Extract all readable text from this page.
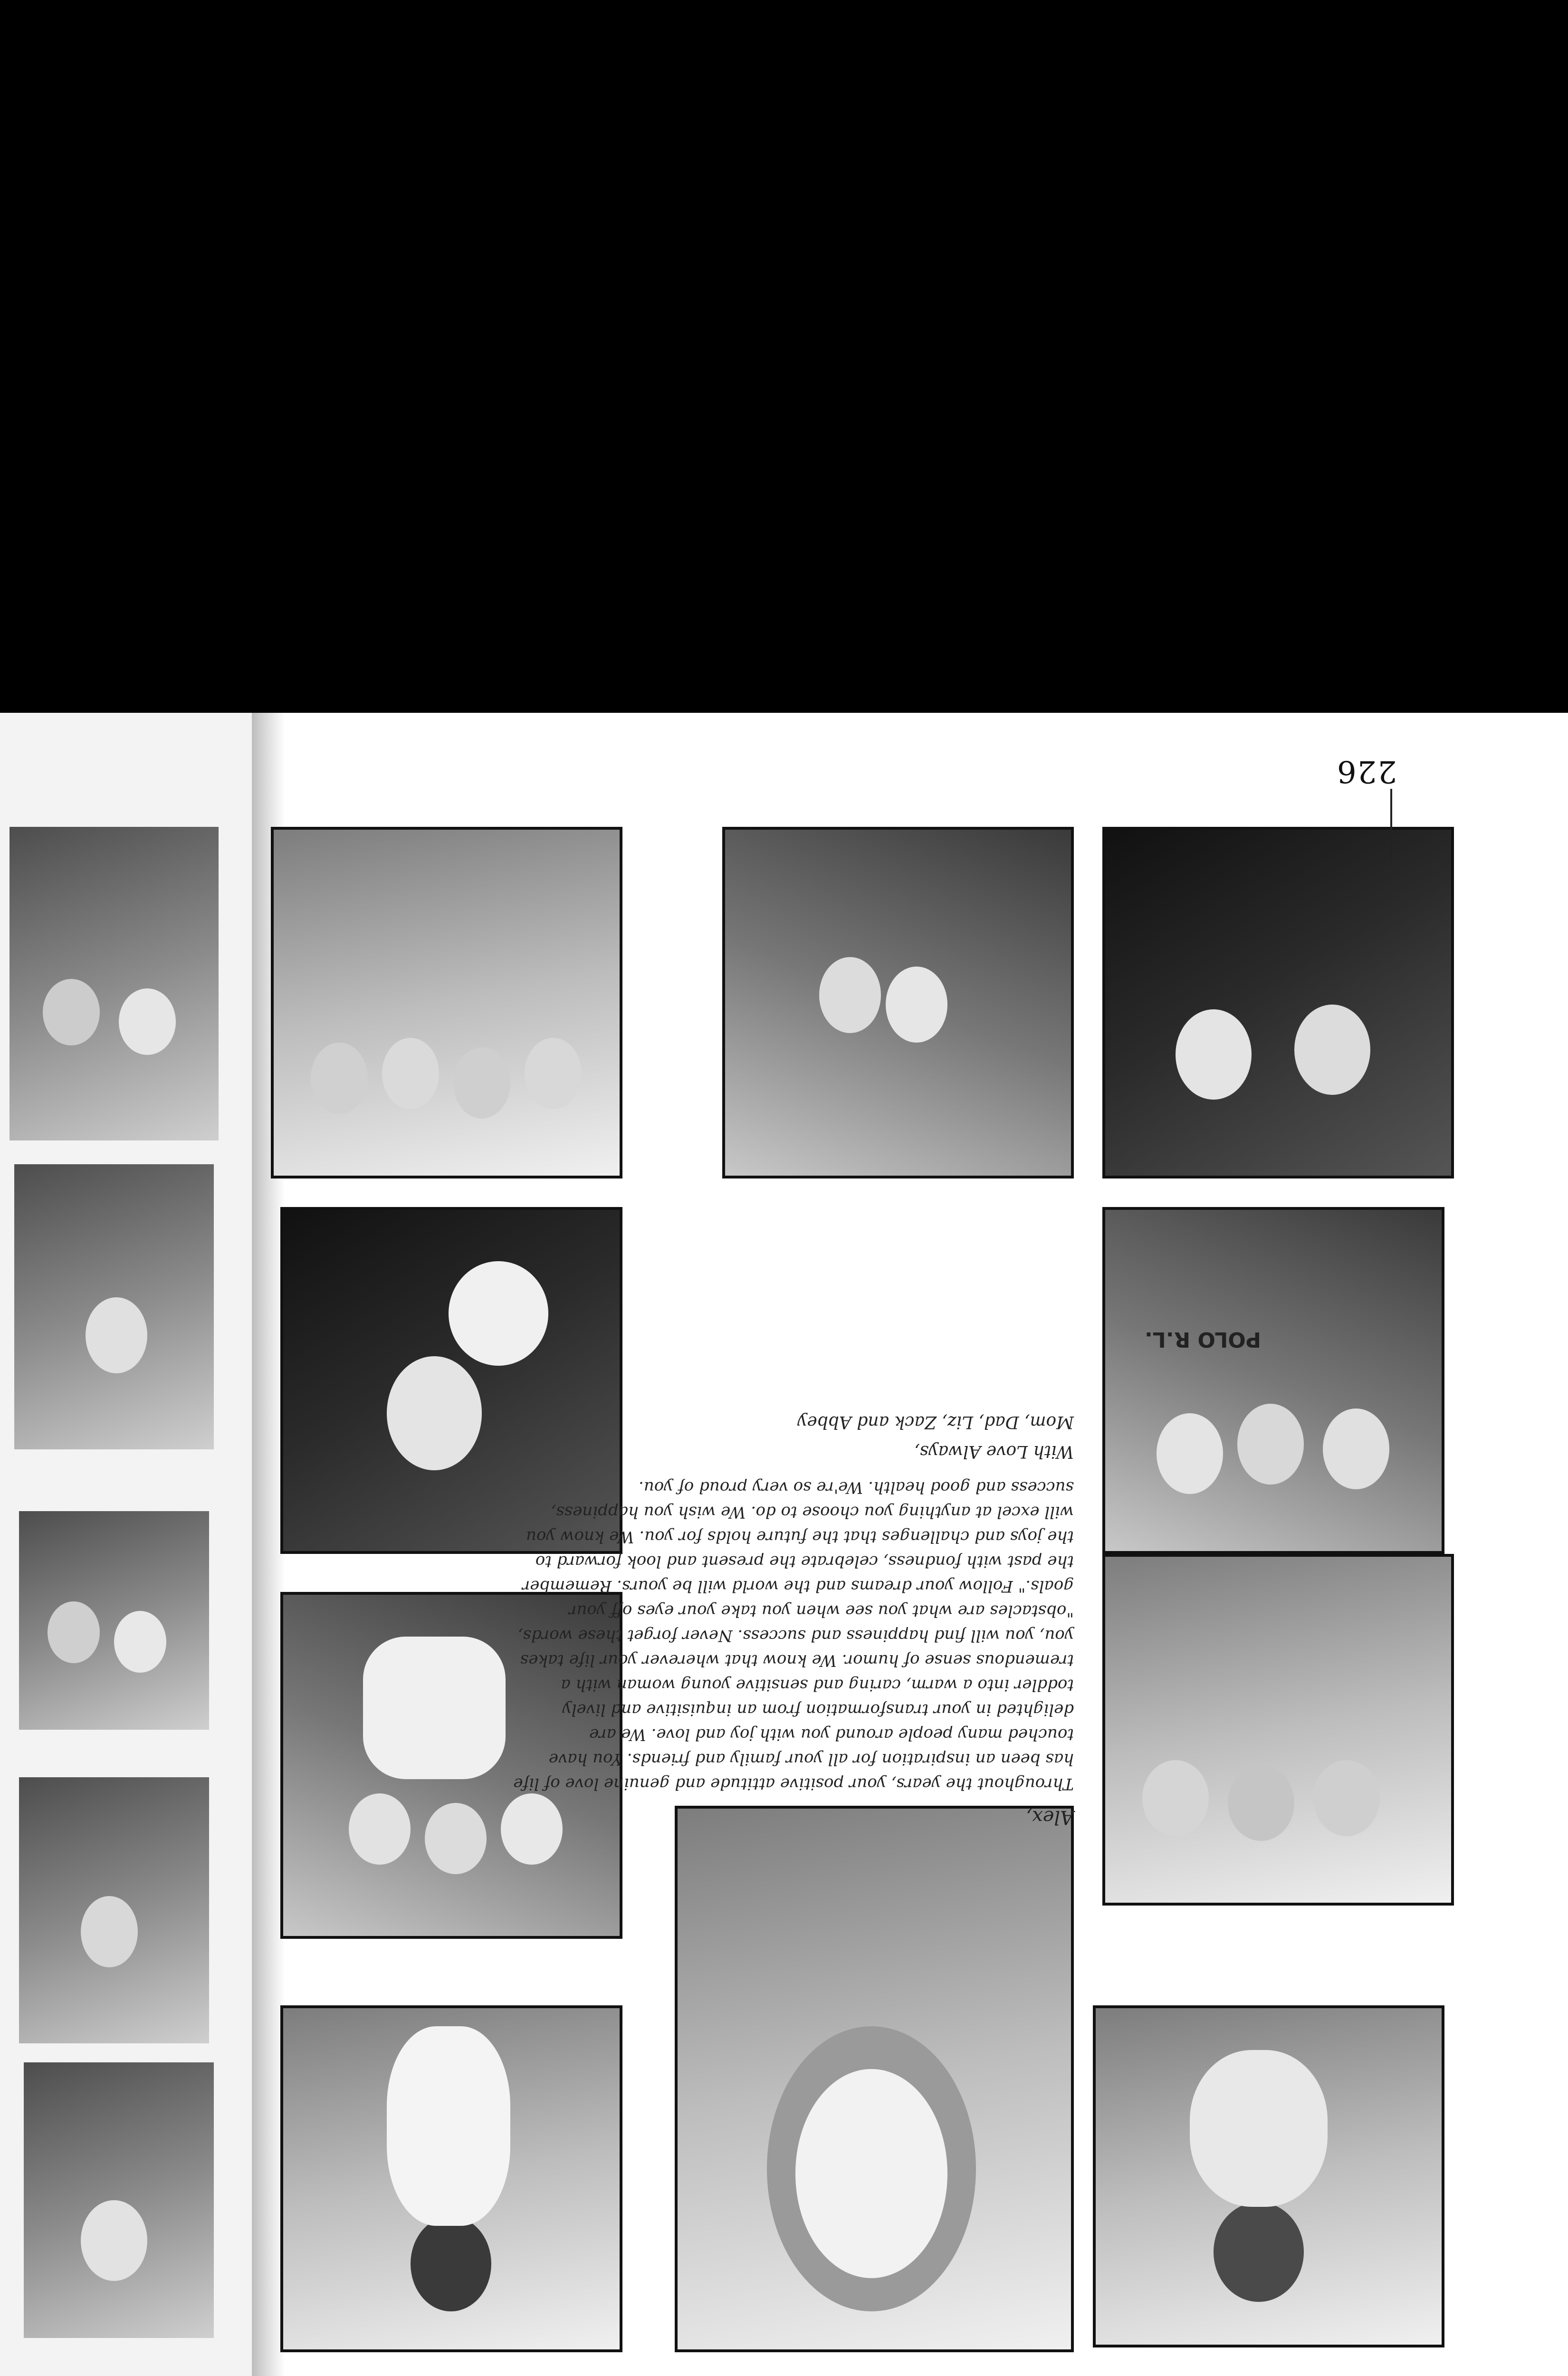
Alex,

Throughout the years, your positive attitude and genuine love of life has been an inspiration for all your family and friends. You have touched many people around you with joy and love. We are delighted in your transformation from an inquisitive and lively toddler into a warm, caring and sensitive young woman with a tremendous sense of humor. We know that wherever your life takes you, you will find happiness and success. Never forget these words, "obstacles are what you see when you take your eyes off your goals." Follow your dreams and the world will be yours. Remember the past with fondness, celebrate the present and look forward to the joys and challenges that the future holds for you. We know you will excel at anything you choose to do. We wish you happiness, success and good health. We're so very proud of you.

With Love Always,

Mom, Dad, Liz, Zack and Abbey

POLO R.L.
226
